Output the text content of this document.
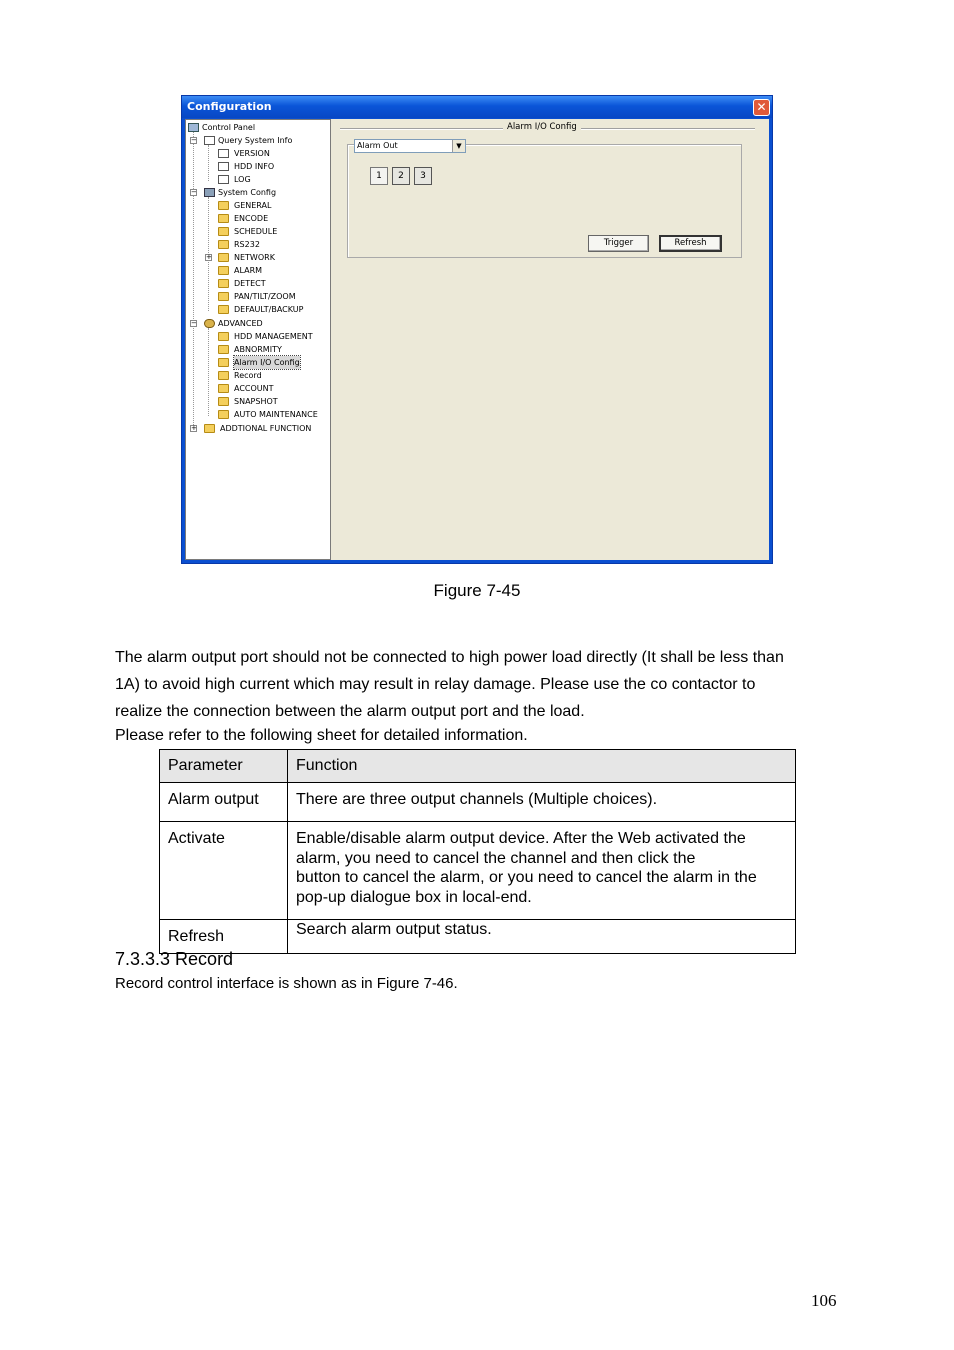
Configuration	✕
Control Panel
−	Query System Info
VERSION
HDD INFO
LOG
−	System Config
GENERAL
ENCODE
SCHEDULE
RS232
+	NETWORK
ALARM
DETECT
PAN/TILT/ZOOM
DEFAULT/BACKUP
−	ADVANCED
HDD MANAGEMENT
ABNORMITY
Alarm I/O Config
Record
ACCOUNT
SNAPSHOT
AUTO MAINTENANCE
+	ADDTIONAL FUNCTION
Alarm I/O Config
Alarm Out	▼
1	2	3
Trigger	Refresh
Figure 7-45
The alarm output port should not be connected to high power load directly (It shall be less than
1A) to avoid high current which may result in relay damage. Please use the co contactor to
realize the connection between the alarm output port and the load.
Please refer to the following sheet for detailed information.
Parameter	Function
Alarm output	There are three output channels (Multiple choices).
Activate	Enable/disable alarm output device. After the Web activated the
alarm, you need to cancel the channel and then click the
button to cancel the alarm, or you need to cancel the alarm in the
pop-up dialogue box in local-end.

Refresh	Search alarm output status.
7.3.3.3 Record
Record control interface is shown as in Figure 7-46.
106
